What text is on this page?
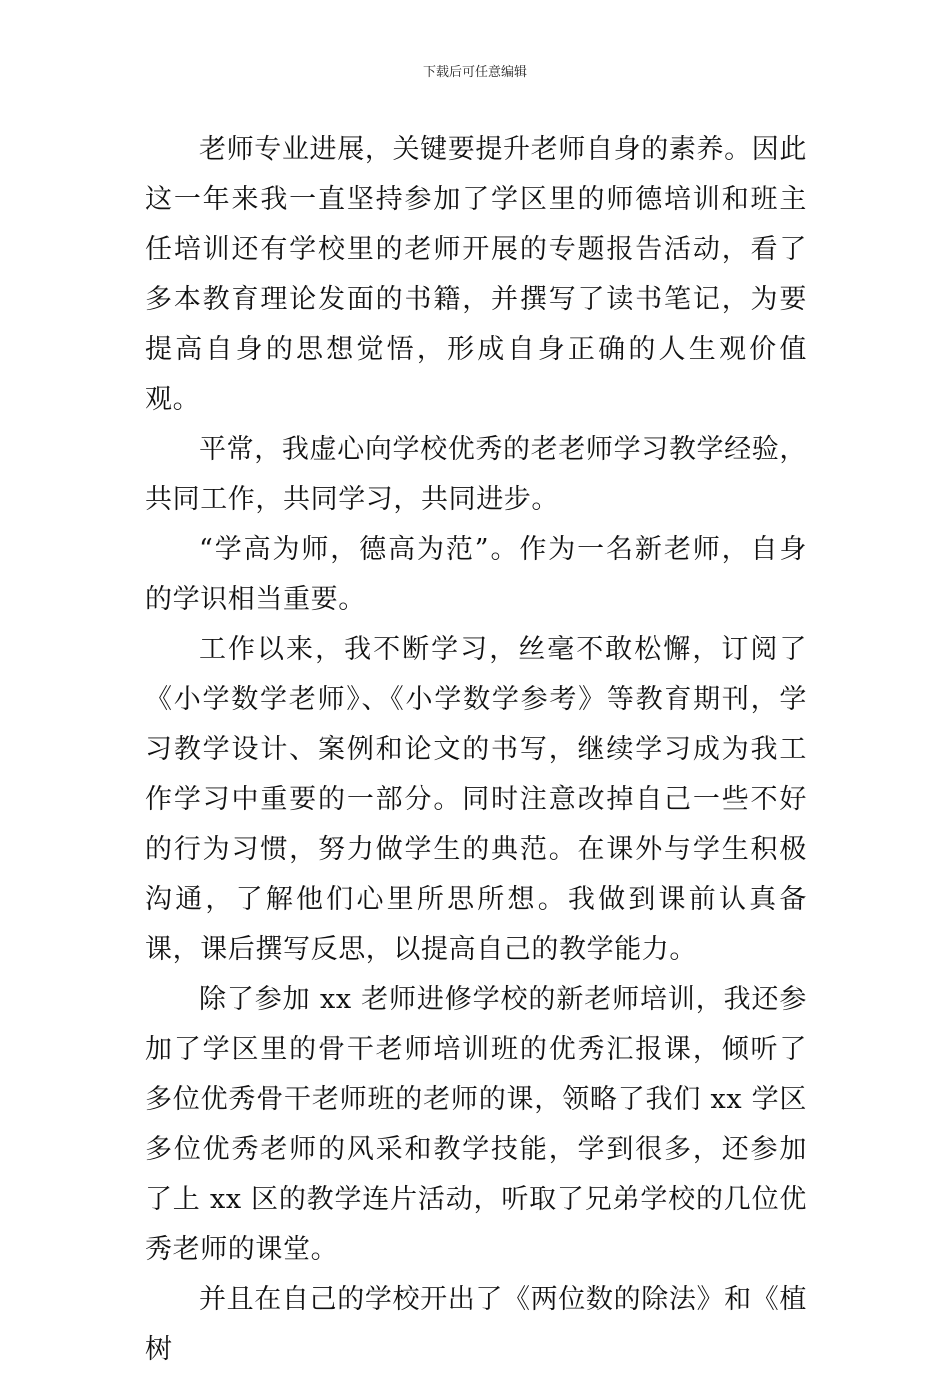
下载后可任意编辑

老师专业进展，关键要提升老师自身的素养。因此这一年来我一直坚持参加了学区里的师德培训和班主任培训还有学校里的老师开展的专题报告活动，看了多本教育理论发面的书籍，并撰写了读书笔记，为要提高自身的思想觉悟，形成自身正确的人生观价值观。

平常，我虚心向学校优秀的老老师学习教学经验，共同工作，共同学习，共同进步。

“学高为师，德高为范”。作为一名新老师，自身的学识相当重要。

工作以来，我不断学习，丝毫不敢松懈，订阅了《小学数学老师》、《小学数学参考》等教育期刊，学习教学设计、案例和论文的书写，继续学习成为我工作学习中重要的一部分。同时注意改掉自己一些不好的行为习惯，努力做学生的典范。在课外与学生积极沟通，了解他们心里所思所想。我做到课前认真备课，课后撰写反思，以提高自己的教学能力。

除了参加 xx 老师进修学校的新老师培训，我还参加了学区里的骨干老师培训班的优秀汇报课，倾听了多位优秀骨干老师班的老师的课，领略了我们 xx 学区多位优秀老师的风采和教学技能，学到很多，还参加了上 xx 区的教学连片活动，听取了兄弟学校的几位优秀老师的课堂。

并且在自己的学校开出了《两位数的除法》和《植树
